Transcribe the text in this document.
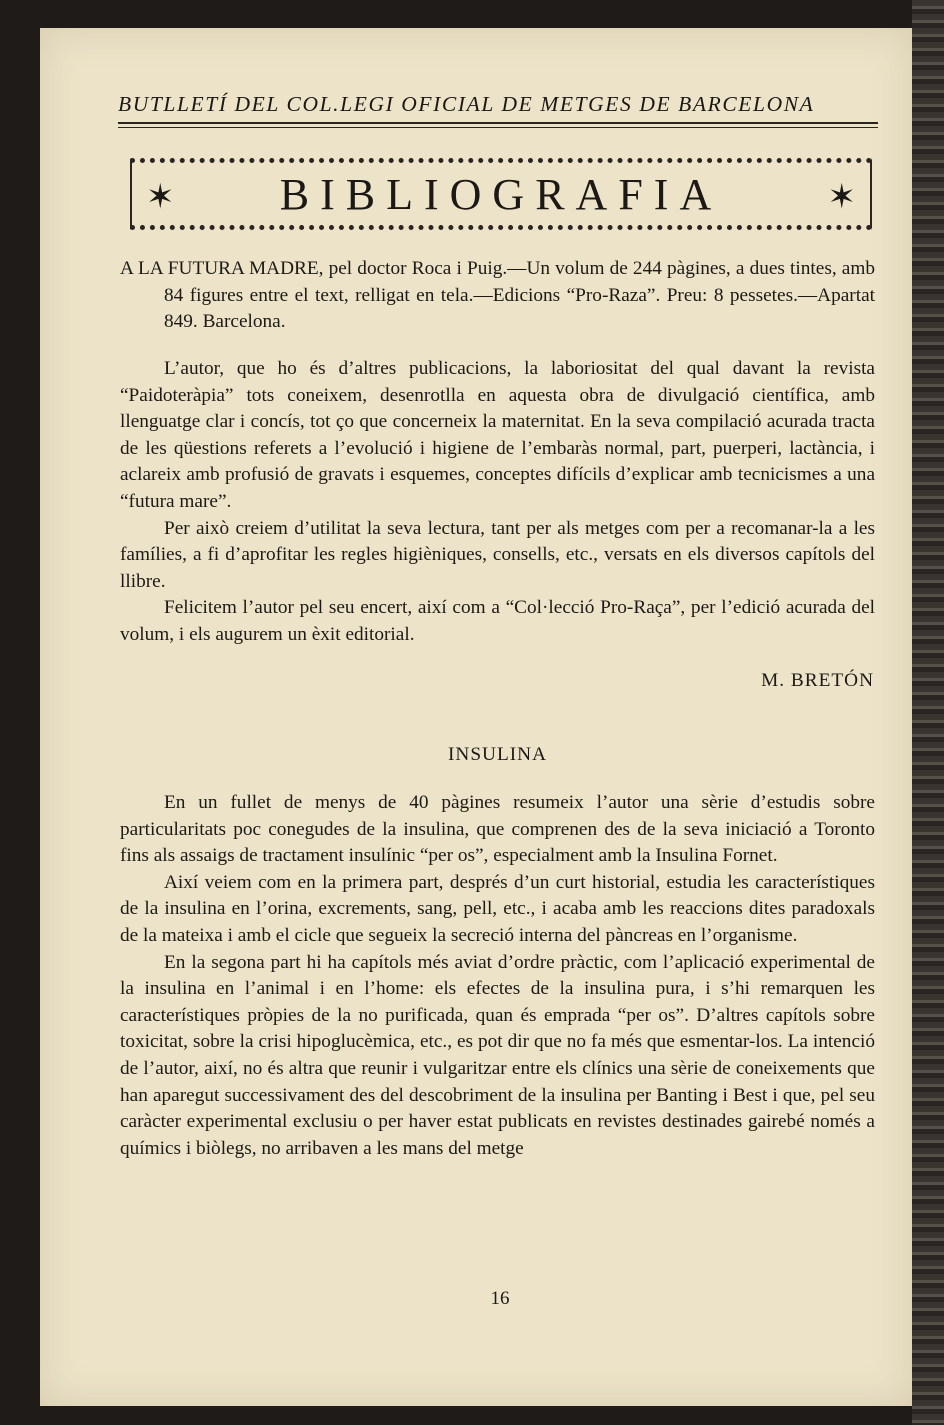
BUTLLETÍ DEL COL.LEGI OFICIAL DE METGES DE BARCELONA
✶	BIBLIOGRAFIA	✶
A LA FUTURA MADRE, pel doctor Roca i Puig.—Un volum de 244 pàgines, a dues tintes, amb 84 figures entre el text, relligat en tela.—Edicions “Pro-Raza”. Preu: 8 pessetes.—Apartat 849. Barcelona.

L’autor, que ho és d’altres publicacions, la laboriositat del qual davant la revista “Paidoteràpia” tots coneixem, desenrotlla en aquesta obra de divulgació científica, amb llenguatge clar i concís, tot ço que concerneix la maternitat. En la seva compilació acurada tracta de les qüestions referets a l’evolució i higiene de l’embaràs normal, part, puerperi, lactància, i aclareix amb profusió de gravats i esquemes, conceptes difícils d’explicar amb tecnicismes a una “futura mare”.

Per això creiem d’utilitat la seva lectura, tant per als metges com per a recomanar-la a les famílies, a fi d’aprofitar les regles higièniques, consells, etc., versats en els diversos capítols del llibre.

Felicitem l’autor pel seu encert, així com a “Col·lecció Pro-Raça”, per l’edició acurada del volum, i els augurem un èxit editorial.

M. BRETÓN
INSULINA

En un fullet de menys de 40 pàgines resumeix l’autor una sèrie d’estudis sobre particularitats poc conegudes de la insulina, que comprenen des de la seva iniciació a Toronto fins als assaigs de tractament insulínic “per os”, especialment amb la Insulina Fornet.

Així veiem com en la primera part, després d’un curt historial, estudia les característiques de la insulina en l’orina, excrements, sang, pell, etc., i acaba amb les reaccions dites paradoxals de la mateixa i amb el cicle que segueix la secreció interna del pàncreas en l’organisme.

En la segona part hi ha capítols més aviat d’ordre pràctic, com l’aplicació experimental de la insulina en l’animal i en l’home: els efectes de la insulina pura, i s’hi remarquen les característiques pròpies de la no purificada, quan és emprada “per os”. D’altres capítols sobre toxicitat, sobre la crisi hipoglucèmica, etc., es pot dir que no fa més que esmentar-los. La intenció de l’autor, així, no és altra que reunir i vulgaritzar entre els clínics una sèrie de coneixements que han aparegut successivament des del descobriment de la insulina per Banting i Best i que, pel seu caràcter experimental exclusiu o per haver estat publicats en revistes destinades gairebé només a químics i biòlegs, no arribaven a les mans del metge

16
